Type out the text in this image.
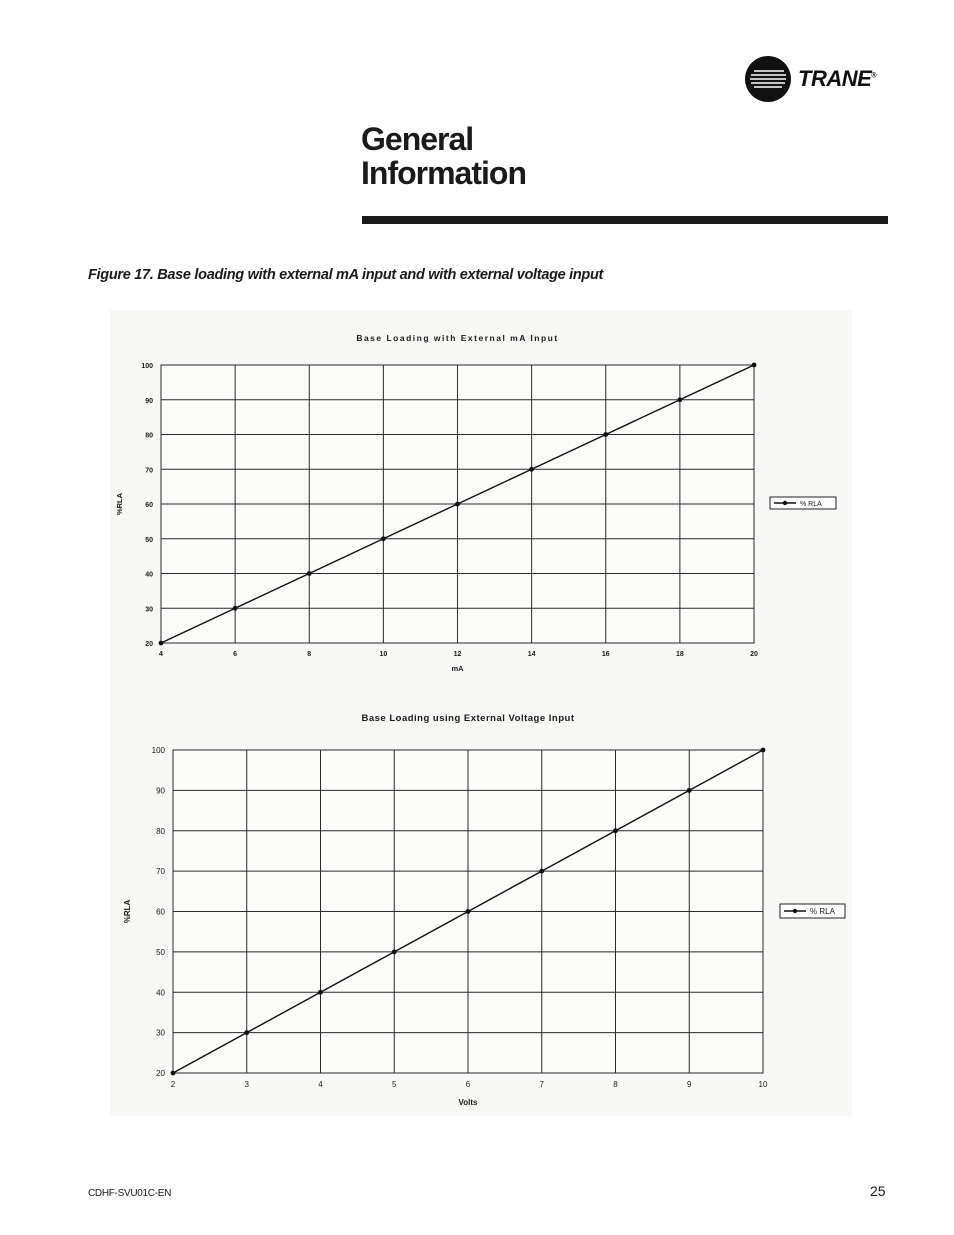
TRANE®
General
Information
Figure 17. Base loading with external mA input and with external voltage input
20
30
40
50
60
70
80
90
100
4	6	8	10	12	14	16	18	20
Base Loading with External mA Input
mA
%RLA	% RLA
20
30
40
50
60
70
80
90
100
2	3	4	5	6	7	8	9	10
Base Loading using External Voltage Input
Volts
%RLA	% RLA
CDHF-SVU01C-EN	25
